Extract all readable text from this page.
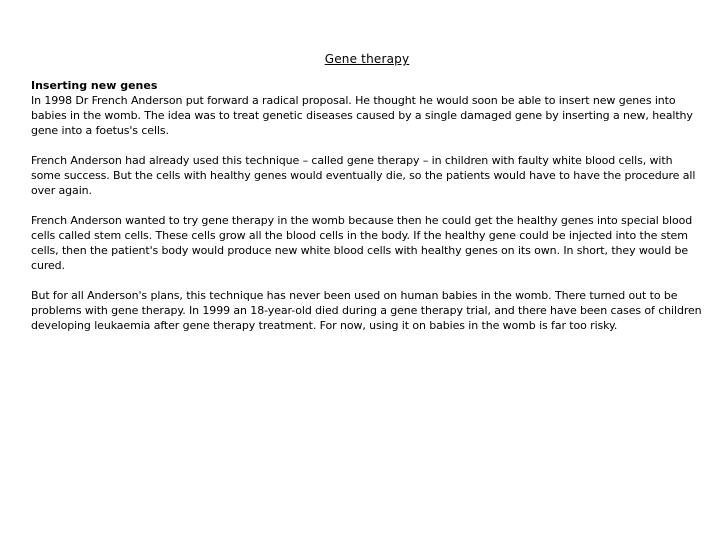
Gene therapy
Inserting new genes

In 1998 Dr French Anderson put forward a radical proposal. He thought he would soon be able to insert new genes into babies in the womb. The idea was to treat genetic diseases caused by a single damaged gene by inserting a new, healthy gene into a foetus's cells.

French Anderson had already used this technique – called gene therapy – in children with faulty white blood cells, with some success. But the cells with healthy genes would eventually die, so the patients would have to have the procedure all over again.

French Anderson wanted to try gene therapy in the womb because then he could get the healthy genes into special blood cells called stem cells. These cells grow all the blood cells in the body. If the healthy gene could be injected into the stem cells, then the patient's body would produce new white blood cells with healthy genes on its own. In short, they would be cured.

But for all Anderson's plans, this technique has never been used on human babies in the womb. There turned out to be problems with gene therapy. In 1999 an 18-year-old died during a gene therapy trial, and there have been cases of children developing leukaemia after gene therapy treatment. For now, using it on babies in the womb is far too risky.
